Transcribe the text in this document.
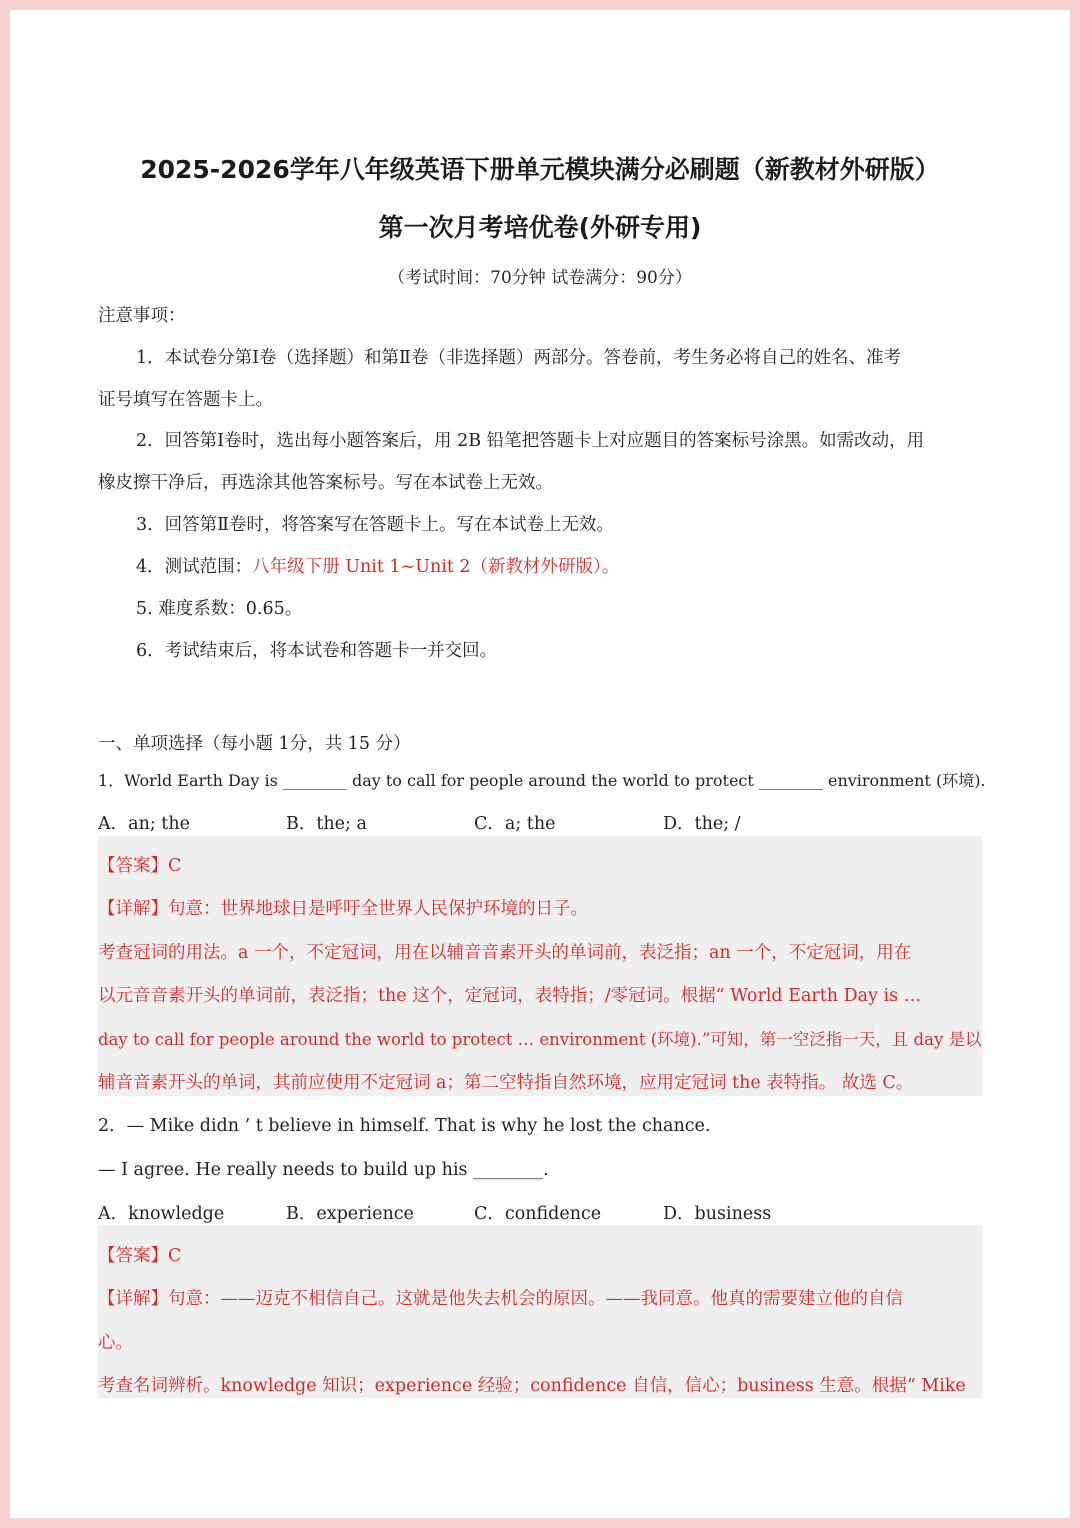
2025-2026学年八年级英语下册单元模块满分必刷题（新教材外研版）
第一次月考培优卷(外研专用)
（考试时间：70分钟 试卷满分：90分）
注意事项：
1．本试卷分第Ⅰ卷（选择题）和第Ⅱ卷（非选择题）两部分。答卷前，考生务必将自己的姓名、准考
证号填写在答题卡上。
2．回答第Ⅰ卷时，选出每小题答案后，用 2B 铅笔把答题卡上对应题目的答案标号涂黑。如需改动，用
橡皮擦干净后，再选涂其他答案标号。写在本试卷上无效。
3．回答第Ⅱ卷时，将答案写在答题卡上。写在本试卷上无效。
4．测试范围：八年级下册 Unit 1~Unit 2（新教材外研版）。
5. 难度系数：0.65。
6．考试结束后，将本试卷和答题卡一并交回。
一、单项选择（每小题 1分，共 15 分）
1．World Earth Day is ________ day to call for people around the world to protect ________ environment (环境).
A．an; the	B．the; a	C．a; the	D．the; /
【答案】C
【详解】句意：世界地球日是呼吁全世界人民保护环境的日子。
考查冠词的用法。a 一个，不定冠词，用在以辅音音素开头的单词前，表泛指；an 一个，不定冠词，用在
以元音音素开头的单词前，表泛指；the 这个，定冠词，表特指；/零冠词。根据“ World Earth Day is …
day to call for people around the world to protect … environment (环境).”可知，第一空泛指一天，且 day 是以
辅音音素开头的单词，其前应使用不定冠词 a；第二空特指自然环境，应用定冠词 the 表特指。 故选 C。
2．— Mike didn ’ t believe in himself. That is why he lost the chance.
— I agree. He really needs to build up his ________.
A．knowledge	B．experience	C．confidence	D．business
【答案】C
【详解】句意：——迈克不相信自己。这就是他失去机会的原因。——我同意。他真的需要建立他的自信
心。
考查名词辨析。knowledge 知识；experience 经验；confidence 自信，信心；business 生意。根据“ Mike
